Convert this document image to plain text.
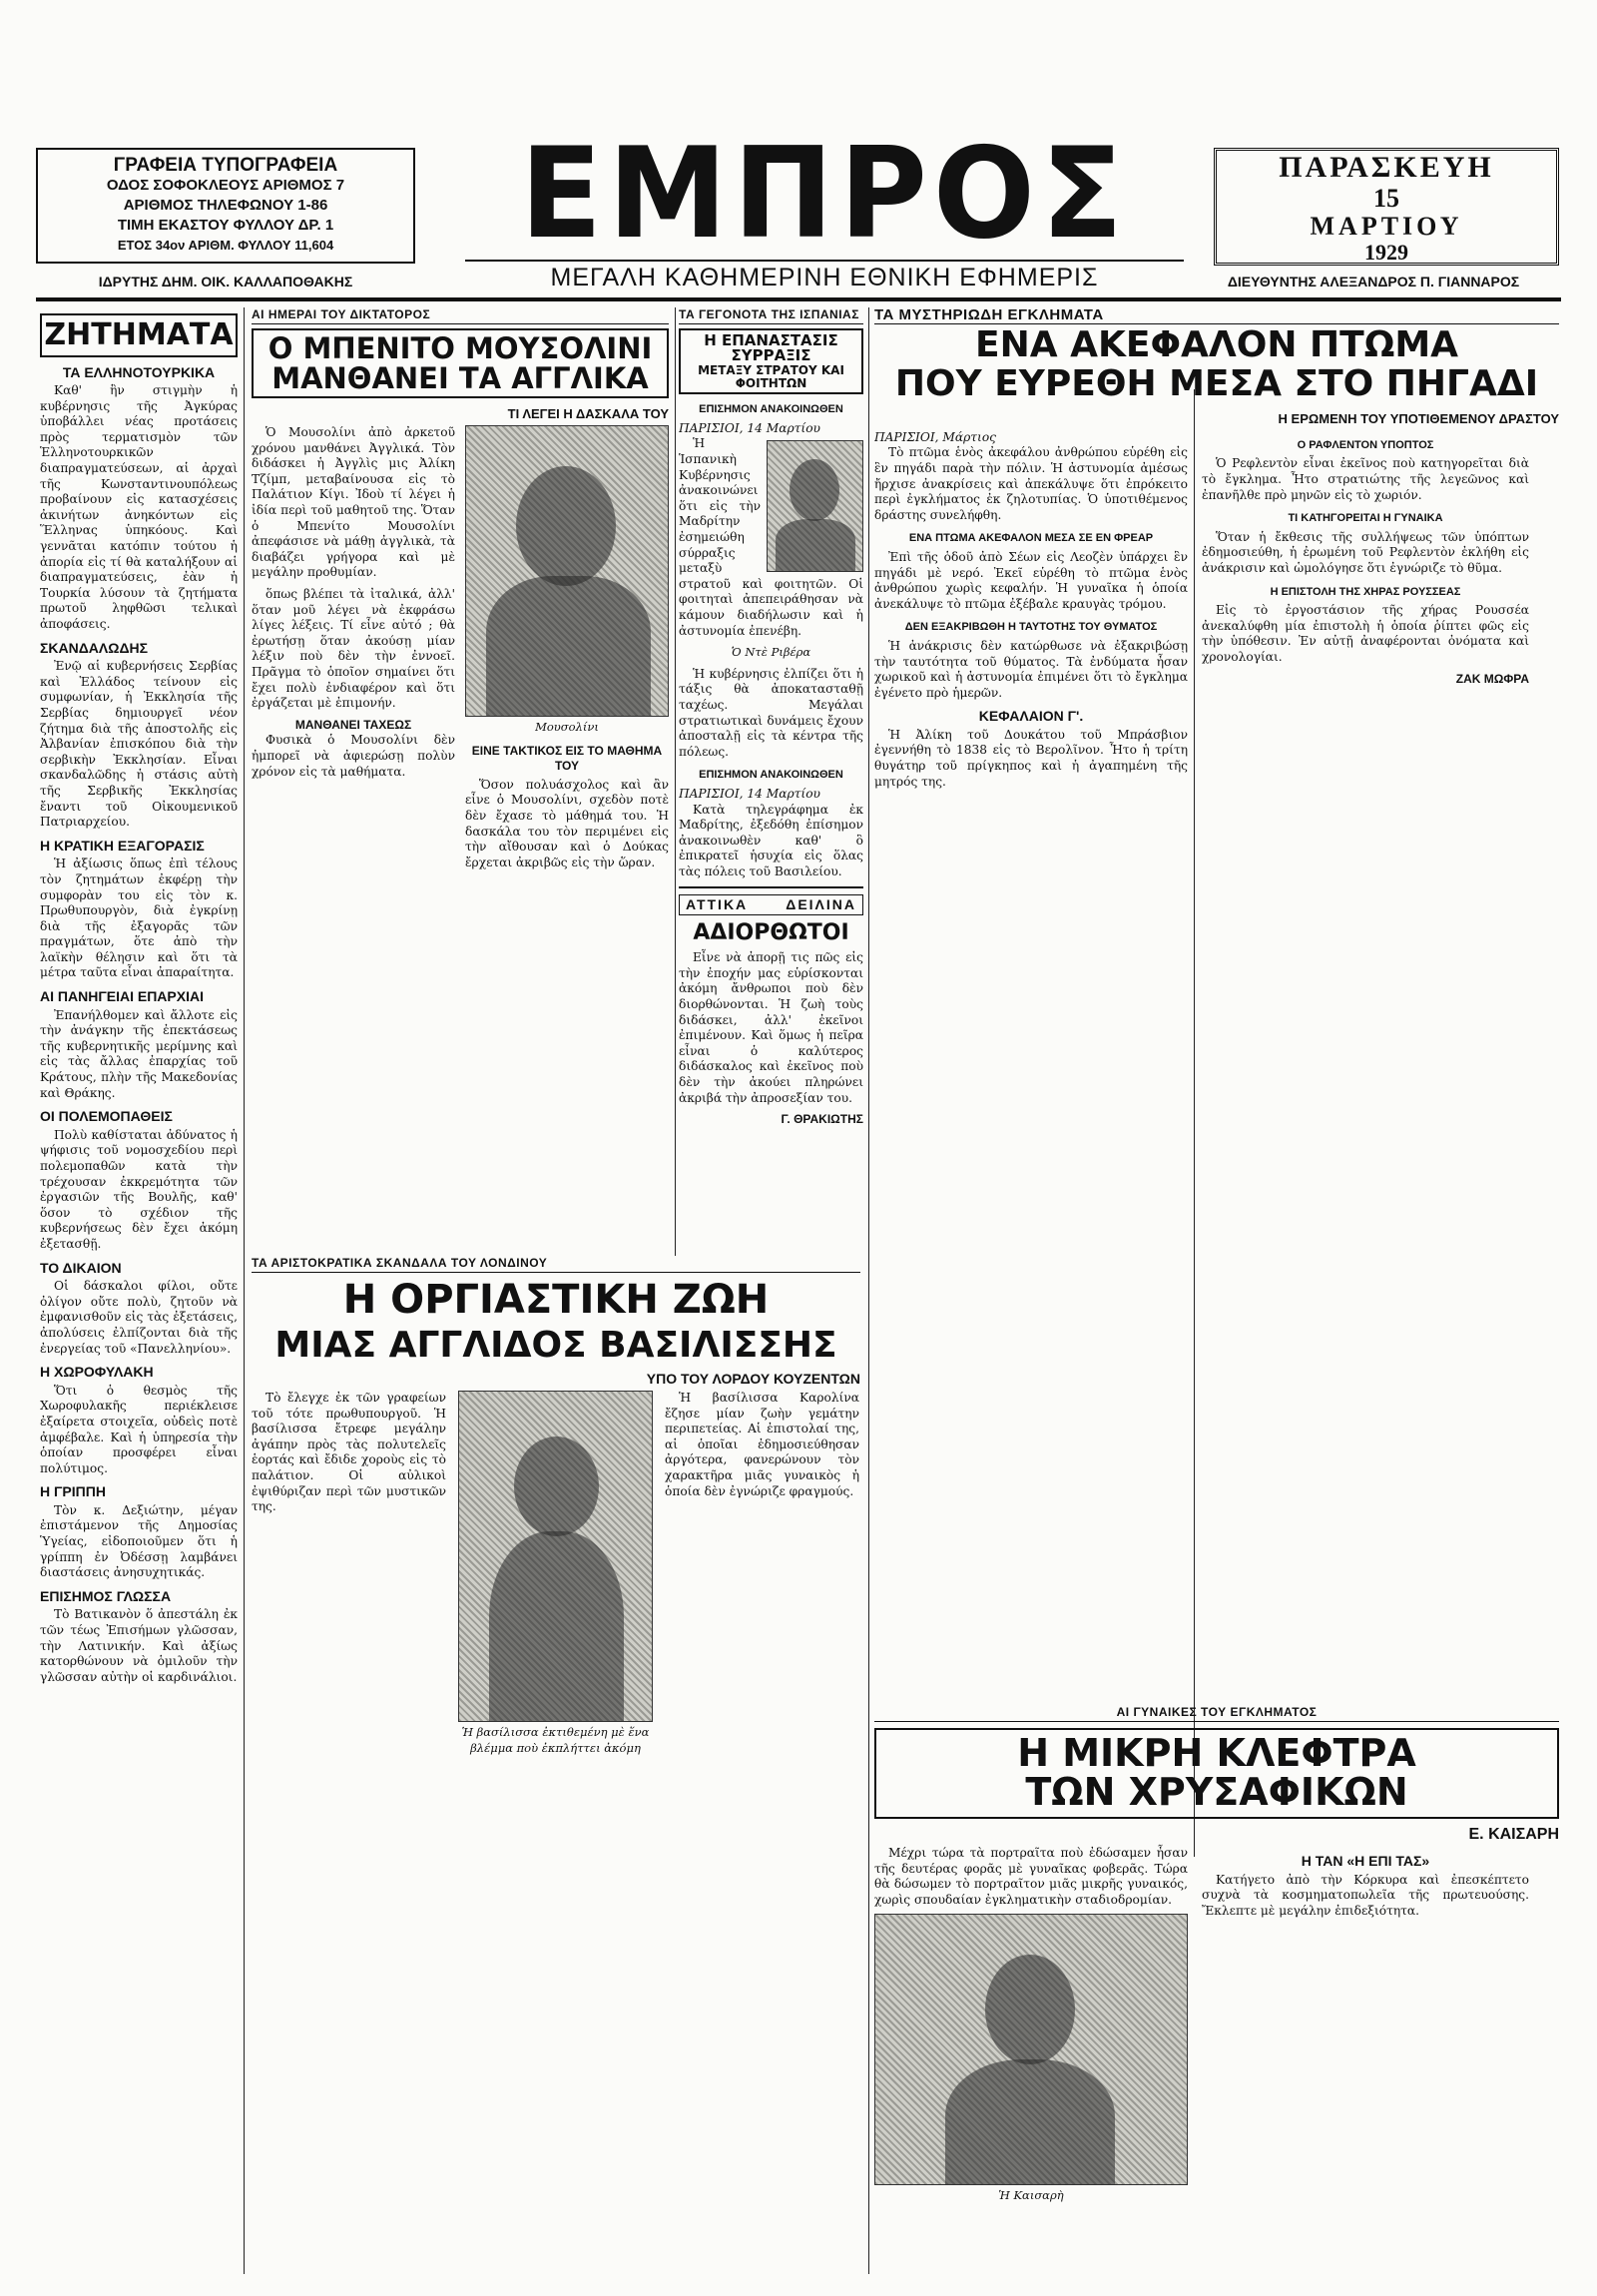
ΓΡΑΦΕΙΑ ΤΥΠΟΓΡΑΦΕΙΑ
ΟΔΟΣ ΣΟΦΟΚΛΕΟΥΣ ΑΡΙΘΜΟΣ 7
ΑΡΙΘΜΟΣ ΤΗΛΕΦΩΝΟΥ 1-86
ΤΙΜΗ ΕΚΑΣΤΟΥ ΦΥΛΛΟΥ ΔΡ. 1
ΕΤΟΣ 34ον ΑΡΙΘΜ. ΦΥΛΛΟΥ 11,604
ΙΔΡΥΤΗΣ ΔΗΜ. ΟΙΚ. ΚΑΛΛΑΠΟΘΑΚΗΣ
ΕΜΠΡΟΣ
ΜΕΓΑΛΗ ΚΑΘΗΜΕΡΙΝΗ ΕΘΝΙΚΗ ΕΦΗΜΕΡΙΣ
ΠΑΡΑΣΚΕΥΗ
15
ΜΑΡΤΙΟΥ
1929
ΔΙΕΥΘΥΝΤΗΣ ΑΛΕΞΑΝΔΡΟΣ Π. ΓΙΑΝΝΑΡΟΣ
ΖΗΤΗΜΑΤΑ
ΤΑ ΕΛΛΗΝΟΤΟΥΡΚΙΚΑ

Καθ' ἣν στιγμὴν ἡ κυβέρνησις τῆς Ἀγκύρας ὑποβάλλει νέας προτάσεις πρὸς τερματισμὸν τῶν Ἑλληνοτουρκικῶν διαπραγματεύσεων, αἱ ἀρχαὶ τῆς Κωνσταντινουπόλεως προβαίνουν εἰς κατασχέσεις ἀκινήτων ἀνηκόντων εἰς Ἕλληνας ὑπηκόους. Καὶ γεννᾶται κατόπιν τούτου ἡ ἀπορία εἰς τί θὰ καταλήξουν αἱ διαπραγματεύσεις, ἐὰν ἡ Τουρκία λύσουν τὰ ζητήματα πρωτοῦ ληφθῶσι τελικαὶ ἀποφάσεις.

ΣΚΑΝΔΑΛΩΔΗΣ

Ἐνῷ αἱ κυβερνήσεις Σερβίας καὶ Ἑλλάδος τείνουν εἰς συμφωνίαν, ἡ Ἐκκλησία τῆς Σερβίας δημιουργεῖ νέον ζήτημα διὰ τῆς ἀποστολῆς εἰς Ἀλβανίαν ἐπισκόπου διὰ τὴν σερβικὴν Ἐκκλησίαν. Εἶναι σκανδαλῶδης ἡ στάσις αὐτὴ τῆς Σερβικῆς Ἐκκλησίας ἔναντι τοῦ Οἰκουμενικοῦ Πατριαρχείου.

Η ΚΡΑΤΙΚΗ ΕΞΑΓΟΡΑΣΙΣ

Ἡ ἀξίωσις ὅπως ἐπὶ τέλους τὸν ζητημάτων ἐκφέρῃ τὴν συμφορὰν του εἰς τὸν κ. Πρωθυπουργὸν, διὰ ἐγκρίνῃ διὰ τῆς ἐξαγορᾶς τῶν πραγμάτων, ὅτε ἀπὸ τὴν λαϊκὴν θέλησιν καὶ ὅτι τὰ μέτρα ταῦτα εἶναι ἀπαραίτητα.

ΑΙ ΠΑΝΗΓΕΙΑΙ ΕΠΑΡΧΙΑΙ

Ἐπανήλθομεν καὶ ἄλλοτε εἰς τὴν ἀνάγκην τῆς ἐπεκτάσεως τῆς κυβερνητικῆς μερίμνης καὶ εἰς τὰς ἄλλας ἐπαρχίας τοῦ Κράτους, πλὴν τῆς Μακεδονίας καὶ Θράκης.

ΟΙ ΠΟΛΕΜΟΠΑΘΕΙΣ

Πολὺ καθίσταται ἀδύνατος ἡ ψήφισις τοῦ νομοσχεδίου περὶ πολεμοπαθῶν κατὰ τὴν τρέχουσαν ἐκκρεμότητα τῶν ἐργασιῶν τῆς Βουλῆς, καθ' ὅσον τὸ σχέδιον τῆς κυβερνήσεως δὲν ἔχει ἀκόμη ἐξετασθῇ.

ΤΟ ΔΙΚΑΙΟΝ

Οἱ δάσκαλοι φίλοι, οὔτε ὀλίγον οὔτε πολὺ, ζητοῦν νὰ ἐμφανισθοῦν εἰς τὰς ἐξετάσεις, ἀπολύσεις ἐλπίζονται διὰ τῆς ἐνεργείας τοῦ «Πανελληνίου».

Η ΧΩΡΟΦΥΛΑΚΗ

Ὅτι ὁ θεσμὸς τῆς Χωροφυλακῆς περιέκλεισε ἐξαίρετα στοιχεῖα, οὐδεὶς ποτὲ ἀμφέβαλε. Καὶ ἡ ὑπηρεσία τὴν ὁποίαν προσφέρει εἶναι πολύτιμος.

Η ΓΡΙΠΠΗ

Τὸν κ. Δεξιώτην, μέγαν ἐπιστάμενον τῆς Δημοσίας Ὑγείας, εἰδοποιοῦμεν ὅτι ἡ γρίππη ἐν Ὀδέσσῃ λαμβάνει διαστάσεις ἀνησυχητικάς.

ΕΠΙΣΗΜΟΣ ΓΛΩΣΣΑ

Τὸ Βατικανὸν ὅ ἀπεστάλη ἐκ τῶν τέως Ἐπισήμων γλῶσσαν, τὴν Λατινικήν. Καὶ ἀξίως κατορθώνουν νὰ ὁμιλοῦν τὴν γλῶσσαν αὐτὴν οἱ καρδινάλιοι.

ΑΙ ΗΜΕΡΑΙ ΤΟΥ ΔΙΚΤΑΤΟΡΟΣ
Ο ΜΠΕΝΙΤΟ ΜΟΥΣΟΛΙΝΙ
ΜΑΝΘΑΝΕΙ ΤΑ ΑΓΓΛΙΚΑ
ΤΙ ΛΕΓΕΙ Η ΔΑΣΚΑΛΑ ΤΟΥ

Ὁ Μουσολίνι ἀπὸ ἀρκετοῦ χρόνου μανθάνει Ἀγγλικά. Τὸν διδάσκει ἡ Ἀγγλὶς μις Ἀλίκη Τζίμπ, μεταβαίνουσα εἰς τὸ Παλάτιον Κίγι. Ἰδοὺ τί λέγει ἡ ἰδία περὶ τοῦ μαθητοῦ της. Ὅταν ὁ Μπενίτο Μουσολίνι ἀπεφάσισε νὰ μάθῃ ἀγγλικὰ, τὰ διαβάζει γρήγορα καὶ μὲ μεγάλην προθυμίαν.

ὅπως βλέπει τὰ ἰταλικά, ἀλλ' ὅταν μοῦ λέγει νὰ ἐκφράσω λίγες λέξεις. Τί εἶνε αὐτό ; θὰ ἐρωτήσῃ ὅταν ἀκούσῃ μίαν λέξιν ποὺ δὲν τὴν ἐννοεῖ. Πρᾶγμα τὸ ὁποῖον σημαίνει ὅτι ἔχει πολὺ ἐνδιαφέρον καὶ ὅτι ἐργάζεται μὲ ἐπιμονήν.

ΜΑΝΘΑΝΕΙ ΤΑΧΕΩΣ

Φυσικὰ ὁ Μουσολίνι δὲν ἠμπορεῖ νὰ ἀφιερώσῃ πολὺν χρόνον εἰς τὰ μαθήματα.

Μουσολίνι
ΕΙΝΕ ΤΑΚΤΙΚΟΣ ΕΙΣ ΤΟ ΜΑΘΗΜΑ ΤΟΥ

Ὅσον πολυάσχολος καὶ ἂν εἶνε ὁ Μουσολίνι, σχεδὸν ποτὲ δὲν ἔχασε τὸ μάθημά του. Ἡ δασκάλα του τὸν περιμένει εἰς τὴν αἴθουσαν καὶ ὁ Δούκας ἔρχεται ἀκριβῶς εἰς τὴν ὥραν.

ΤΑ ΑΡΙΣΤΟΚΡΑΤΙΚΑ ΣΚΑΝΔΑΛΑ ΤΟΥ ΛΟΝΔΙΝΟΥ
Η ΟΡΓΙΑΣΤΙΚΗ ΖΩΗ
ΜΙΑΣ ΑΓΓΛΙΔΟΣ ΒΑΣΙΛΙΣΣΗΣ
ΥΠΟ ΤΟΥ ΛΟΡΔΟΥ ΚΟΥΖΕΝΤΩΝ

Τὸ ἔλεγχε ἐκ τῶν γραφείων τοῦ τότε πρωθυπουργοῦ. Ἡ βασίλισσα ἔτρεφε μεγάλην ἀγάπην πρὸς τὰς πολυτελεῖς ἑορτάς καὶ ἔδιδε χοροὺς εἰς τὸ παλάτιον. Οἱ αὐλικοὶ ἐψιθύριζαν περὶ τῶν μυστικῶν της.

Ἡ βασίλισσα ἐκτιθεμένη μὲ ἕνα βλέμμα ποὺ ἐκπλήττει ἀκόμη

Ἡ βασίλισσα Καρολίνα ἔζησε μίαν ζωὴν γεμάτην περιπετείας. Αἱ ἐπιστολαί της, αἱ ὁποῖαι ἐδημοσιεύθησαν ἀργότερα, φανερώνουν τὸν χαρακτῆρα μιᾶς γυναικὸς ἡ ὁποία δὲν ἐγνώριζε φραγμούς.

ΤΑ ΓΕΓΟΝΟΤΑ ΤΗΣ ΙΣΠΑΝΙΑΣ
Η ΕΠΑΝΑΣΤΑΣΙΣ ΣΥΡΡΑΞΙΣ
ΜΕΤΑΞΥ ΣΤΡΑΤΟΥ ΚΑΙ ΦΟΙΤΗΤΩΝ
ΕΠΙΣΗΜΟΝ ΑΝΑΚΟΙΝΩΘΕΝ
ΠΑΡΙΣΙΟΙ, 14 Μαρτίου

Ἡ Ἱσπανικὴ Κυβέρνησις ἀνακοινώνει ὅτι εἰς τὴν Μαδρίτην ἐσημειώθη σύρραξις μεταξὺ στρατοῦ καὶ φοιτητῶν. Οἱ φοιτηταὶ ἀπεπειράθησαν νὰ κάμουν διαδήλωσιν καὶ ἡ ἀστυνομία ἐπενέβη.

Ὁ Ντὲ Ριβέρα

Ἡ κυβέρνησις ἐλπίζει ὅτι ἡ τάξις θὰ ἀποκατασταθῇ ταχέως. Μεγάλαι στρατιωτικαὶ δυνάμεις ἔχουν ἀποσταλῇ εἰς τὰ κέντρα τῆς πόλεως.

ΕΠΙΣΗΜΟΝ ΑΝΑΚΟΙΝΩΘΕΝ
ΠΑΡΙΣΙΟΙ, 14 Μαρτίου

Κατὰ τηλεγράφημα ἐκ Μαδρίτης, ἐξεδόθη ἐπίσημον ἀνακοινωθὲν καθ' ὃ ἐπικρατεῖ ἡσυχία εἰς ὅλας τὰς πόλεις τοῦ Βασιλείου.

ΑΤΤΙΚΑ	ΔΕΙΛΙΝΑ
ΑΔΙΟΡΘΩΤΟΙ

Εἶνε νὰ ἀπορῇ τις πῶς εἰς τὴν ἐποχήν μας εὑρίσκονται ἀκόμη ἄνθρωποι ποὺ δὲν διορθώνονται. Ἡ ζωὴ τοὺς διδάσκει, ἀλλ' ἐκεῖνοι ἐπιμένουν. Καὶ ὅμως ἡ πεῖρα εἶναι ὁ καλύτερος διδάσκαλος καὶ ἐκεῖνος ποὺ δὲν τὴν ἀκούει πληρώνει ἀκριβά τὴν ἀπροσεξίαν του.

Γ. ΘΡΑΚΙΩΤΗΣ
ΤΑ ΜΥΣΤΗΡΙΩΔΗ ΕΓΚΛΗΜΑΤΑ
ΕΝΑ ΑΚΕΦΑΛΟΝ ΠΤΩΜΑ
ΠΟΥ ΕΥΡΕΘΗ ΜΕΣΑ ΣΤΟ ΠΗΓΑΔΙ
Η ΕΡΩΜΕΝΗ ΤΟΥ ΥΠΟΤΙΘΕΜΕΝΟΥ ΔΡΑΣΤΟΥ
ΠΑΡΙΣΙΟΙ, Μάρτιος

Τὸ πτῶμα ἑνὸς ἀκεφάλου ἀνθρώπου εὑρέθη εἰς ἓν πηγάδι παρὰ τὴν πόλιν. Ἡ ἀστυνομία ἀμέσως ἤρχισε ἀνακρίσεις καὶ ἀπεκάλυψε ὅτι ἐπρόκειτο περὶ ἐγκλήματος ἐκ ζηλοτυπίας. Ὁ ὑποτιθέμενος δράστης συνελήφθη.

ΕΝΑ ΠΤΩΜΑ ΑΚΕΦΑΛΟΝ ΜΕΣΑ ΣΕ ΕΝ ΦΡΕΑΡ

Ἐπὶ τῆς ὁδοῦ ἀπὸ Σέων εἰς Λεοζὲν ὑπάρχει ἓν πηγάδι μὲ νερό. Ἐκεῖ εὑρέθη τὸ πτῶμα ἑνὸς ἀνθρώπου χωρὶς κεφαλήν. Ἡ γυναῖκα ἡ ὁποία ἀνεκάλυψε τὸ πτῶμα ἐξέβαλε κραυγὰς τρόμου.

ΔΕΝ ΕΞΑΚΡΙΒΩΘΗ Η ΤΑΥΤΟΤΗΣ ΤΟΥ ΘΥΜΑΤΟΣ

Ἡ ἀνάκρισις δὲν κατώρθωσε νὰ ἐξακριβώσῃ τὴν ταυτότητα τοῦ θύματος. Τὰ ἐνδύματα ἦσαν χωρικοῦ καὶ ἡ ἀστυνομία ἐπιμένει ὅτι τὸ ἔγκλημα ἐγένετο πρὸ ἡμερῶν.

ΚΕΦΑΛΑΙΟΝ Γ'.

Ἡ Ἀλίκη τοῦ Δουκάτου τοῦ Μπράσβιον ἐγεννήθη τὸ 1838 εἰς τὸ Βερολῖνον. Ἦτο ἡ τρίτη θυγάτηρ τοῦ πρίγκηπος καὶ ἡ ἀγαπημένη τῆς μητρός της.

Ο ΡΑΦΛΕΝΤΟΝ ΥΠΟΠΤΟΣ

Ὁ Ρεφλεντὸν εἶναι ἐκεῖνος ποὺ κατηγορεῖται διὰ τὸ ἔγκλημα. Ἦτο στρατιώτης τῆς λεγεῶνος καὶ ἐπανῆλθε πρὸ μηνῶν εἰς τὸ χωριόν.

ΤΙ ΚΑΤΗΓΟΡΕΙΤΑΙ Η ΓΥΝΑΙΚΑ

Ὅταν ἡ ἔκθεσις τῆς συλλήψεως τῶν ὑπόπτων ἐδημοσιεύθη, ἡ ἐρωμένη τοῦ Ρεφλεντὸν ἐκλήθη εἰς ἀνάκρισιν καὶ ὡμολόγησε ὅτι ἐγνώριζε τὸ θῦμα.

Η ΕΠΙΣΤΟΛΗ ΤΗΣ ΧΗΡΑΣ ΡΟΥΣΣΕΑΣ

Εἰς τὸ ἐργοστάσιον τῆς χήρας Ρουσσέα ἀνεκαλύφθη μία ἐπιστολὴ ἡ ὁποία ῥίπτει φῶς εἰς τὴν ὑπόθεσιν. Ἐν αὐτῇ ἀναφέρονται ὀνόματα καὶ χρονολογίαι.

ΖΑΚ ΜΩΦΡΑ
ΑΙ ΓΥΝΑΙΚΕΣ ΤΟΥ ΕΓΚΛΗΜΑΤΟΣ
Η ΜΙΚΡΗ ΚΛΕΦΤΡΑ
ΤΩΝ ΧΡΥΣΑΦΙΚΩΝ
Ε. ΚΑΙΣΑΡΗ

Μέχρι τώρα τὰ πορτραῖτα ποὺ ἐδώσαμεν ἦσαν τῆς δευτέρας φορᾶς μὲ γυναῖκας φοβερᾶς. Τώρα θὰ δώσωμεν τὸ πορτραῖτον μιᾶς μικρῆς γυναικός, χωρὶς σπουδαίαν ἐγκληματικὴν σταδιοδρομίαν.

Ἡ Καισαρὴ
Η ΤΑΝ «Η ΕΠΙ ΤΑΣ»

Κατήγετο ἀπὸ τὴν Κόρκυρα καὶ ἐπεσκέπτετο συχνὰ τὰ κοσμηματοπωλεῖα τῆς πρωτευούσης. Ἔκλεπτε μὲ μεγάλην ἐπιδεξιότητα.
